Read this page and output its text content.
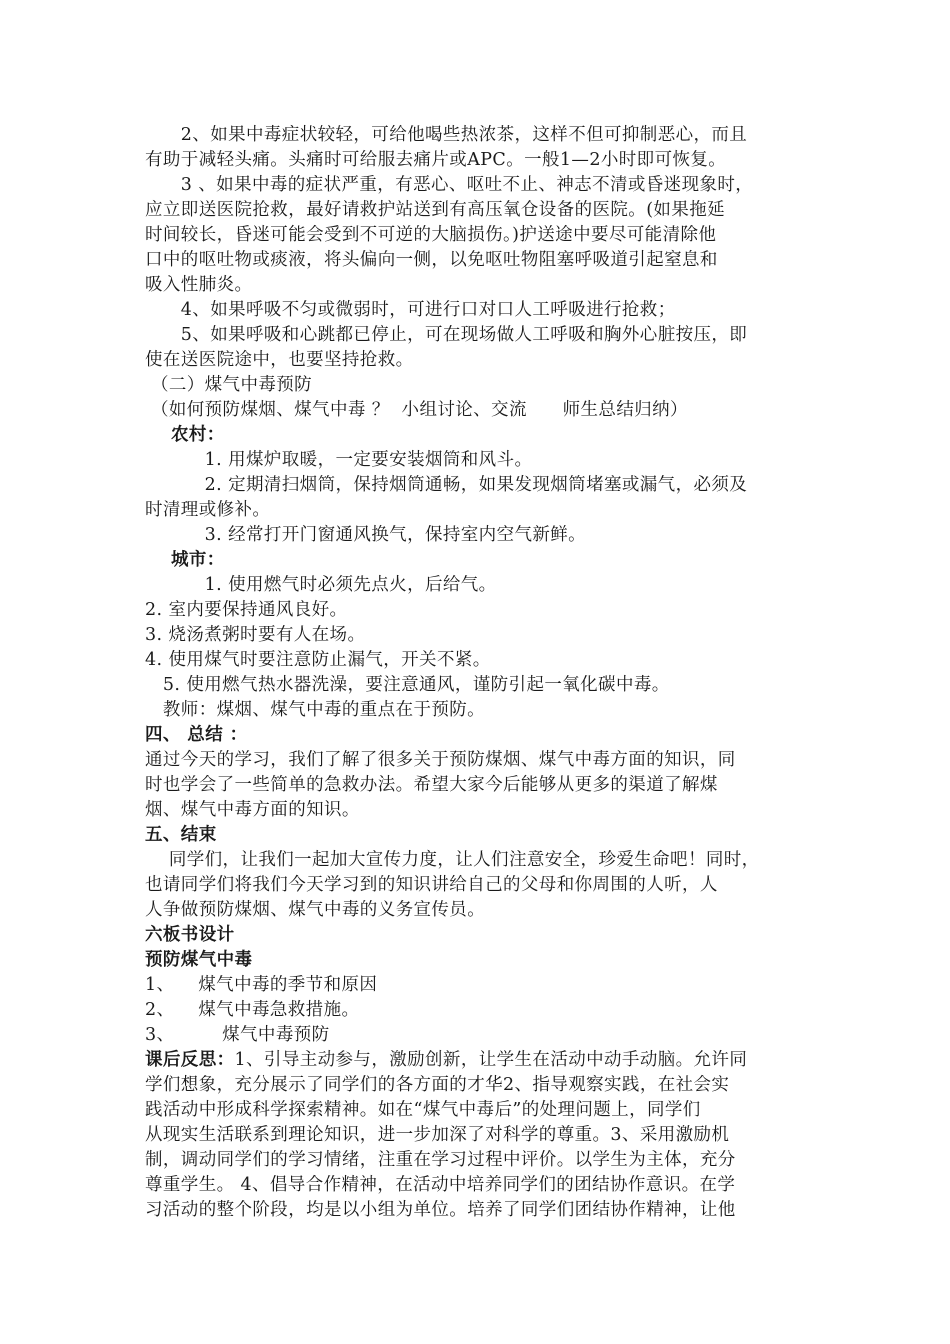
2、如果中毒症状较轻，可给他喝些热浓茶，这样不但可抑制恶心，而且
有助于减轻头痛。头痛时可给服去痛片或APC。一般1—2小时即可恢复。
3 、如果中毒的症状严重，有恶心、呕吐不止、神志不清或昏迷现象时，
应立即送医院抢救，最好请救护站送到有高压氧仓设备的医院。(如果拖延
时间较长，昏迷可能会受到不可逆的大脑损伤。)护送途中要尽可能清除他
口中的呕吐物或痰液，将头偏向一侧，以免呕吐物阻塞呼吸道引起窒息和
吸入性肺炎。
4、如果呼吸不匀或微弱时，可进行口对口人工呼吸进行抢救；
5、如果呼吸和心跳都已停止，可在现场做人工呼吸和胸外心脏按压，即
使在送医院途中，也要坚持抢救。
（二）煤气中毒预防
（如何预防煤烟、煤气中毒 ？  小组讨论、交流      师生总结归纳）
农村：
1. 用煤炉取暖，一定要安装烟筒和风斗。
2. 定期清扫烟筒，保持烟筒通畅，如果发现烟筒堵塞或漏气，必须及
时清理或修补。
3. 经常打开门窗通风换气，保持室内空气新鲜。
城市：
1. 使用燃气时必须先点火，后给气。
2. 室内要保持通风良好。
3. 烧汤煮粥时要有人在场。
4. 使用煤气时要注意防止漏气，开关不紧。
5. 使用燃气热水器洗澡，要注意通风，谨防引起一氧化碳中毒。
教师：煤烟、煤气中毒的重点在于预防。
四、 总结 ：
通过今天的学习，我们了解了很多关于预防煤烟、煤气中毒方面的知识，同
时也学会了一些简单的急救办法。希望大家今后能够从更多的渠道了解煤
烟、煤气中毒方面的知识。
五、结束
同学们，让我们一起加大宣传力度，让人们注意安全，珍爱生命吧！同时，
也请同学们将我们今天学习到的知识讲给自己的父母和你周围的人听，人
人争做预防煤烟、煤气中毒的义务宣传员。
六板书设计
预防煤气中毒
1、    煤气中毒的季节和原因
2、    煤气中毒急救措施。
3、        煤气中毒预防
课后反思：1、引导主动参与，激励创新，让学生在活动中动手动脑。允许同
学们想象，充分展示了同学们的各方面的才华2、指导观察实践，在社会实
践活动中形成科学探索精神。如在“煤气中毒后”的处理问题上，同学们
从现实生活联系到理论知识，进一步加深了对科学的尊重。3、采用激励机
制，调动同学们的学习情绪，注重在学习过程中评价。以学生为主体，充分
尊重学生。 4、倡导合作精神，在活动中培养同学们的团结协作意识。在学
习活动的整个阶段，均是以小组为单位。培养了同学们团结协作精神，让他
